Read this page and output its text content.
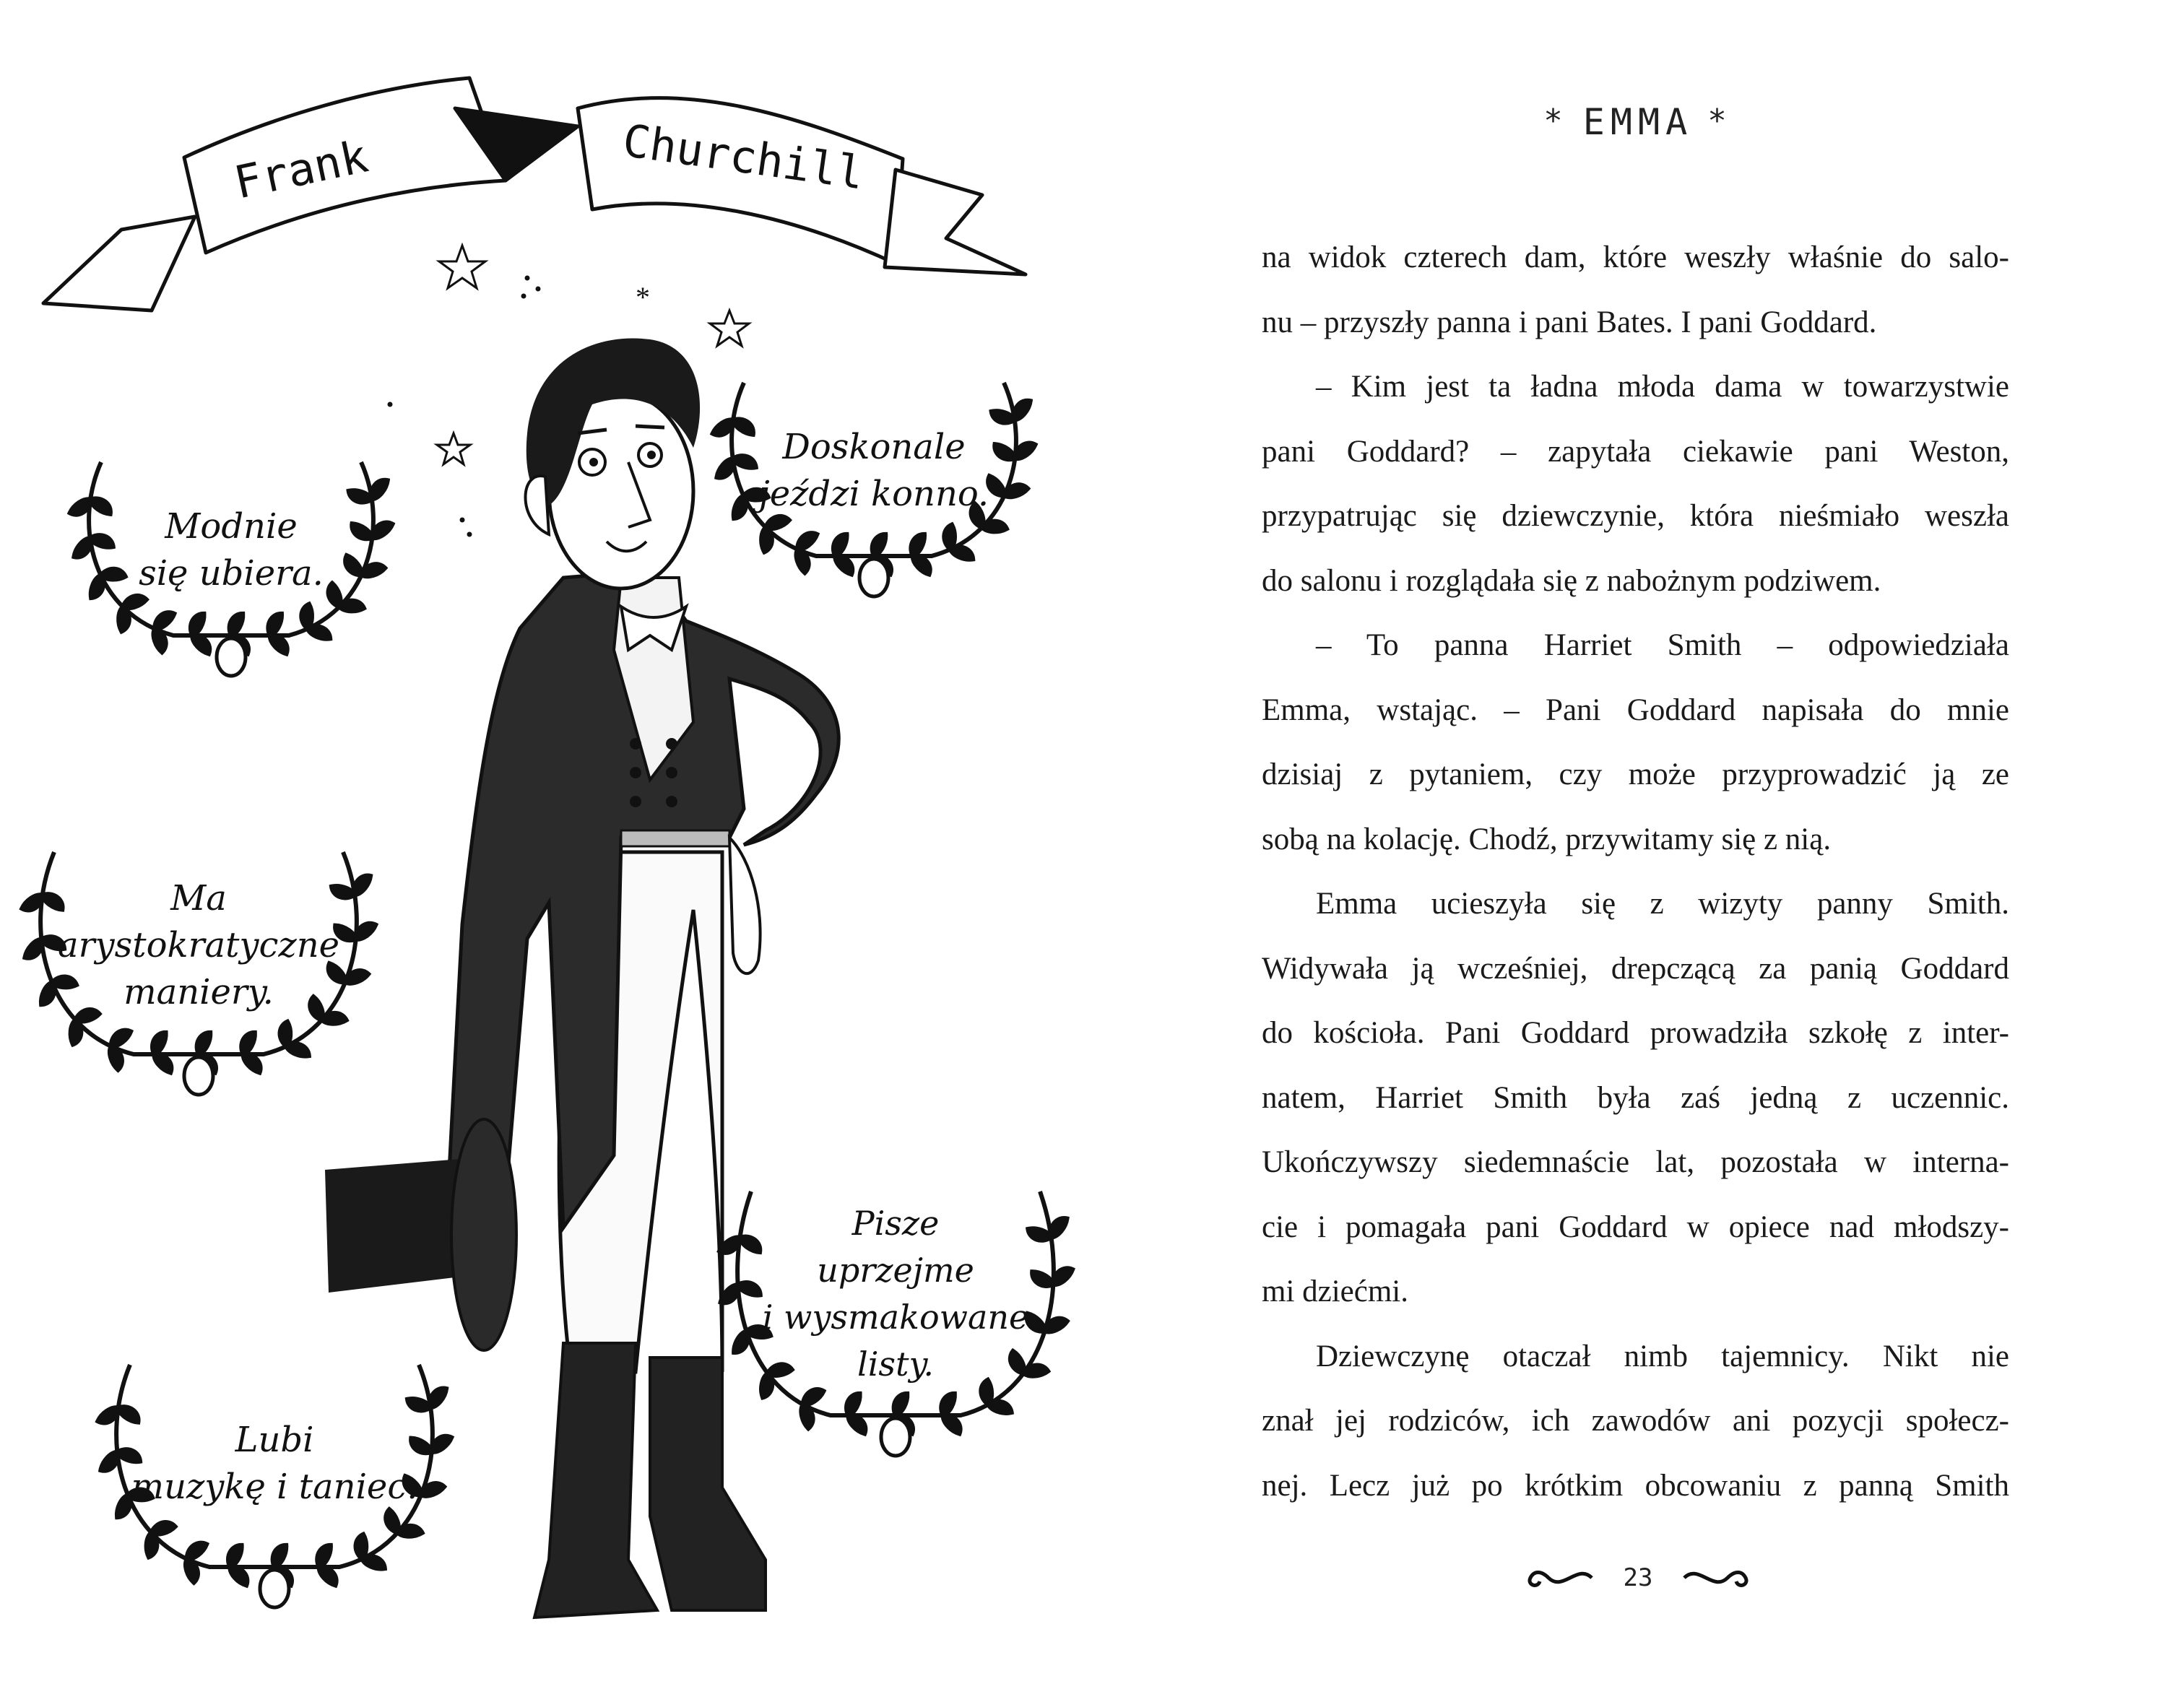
Frank	Churchill
*
Modnie
się ubiera.
Doskonale
jeździ konno.
Ma
arystokratyczne
maniery.
Pisze
uprzejme
i wysmakowane
listy.
Lubi
muzykę i taniec.
* EMMA *
na widok czterech dam, które weszły właśnie do salo-
nu – przyszły panna i pani Bates. I pani Goddard.
– Kim jest ta ładna młoda dama w towarzystwie
pani Goddard? – zapytała ciekawie pani Weston,
przypatrując się dziewczynie, która nieśmiało weszła
do salonu i rozglądała się z nabożnym podziwem.
– To panna Harriet Smith – odpowiedziała
Emma, wstając. – Pani Goddard napisała do mnie
dzisiaj z pytaniem, czy może przyprowadzić ją ze
sobą na kolację. Chodź, przywitamy się z nią.
Emma ucieszyła się z wizyty panny Smith.
Widywała ją wcześniej, drepczącą za panią Goddard
do kościoła. Pani Goddard prowadziła szkołę z inter-
natem, Harriet Smith była zaś jedną z uczennic.
Ukończywszy siedemnaście lat, pozostała w interna-
cie i pomagała pani Goddard w opiece nad młodszy-
mi dziećmi.
Dziewczynę otaczał nimb tajemnicy. Nikt nie
znał jej rodziców, ich zawodów ani pozycji społecz-
nej. Lecz już po krótkim obcowaniu z panną Smith
23
